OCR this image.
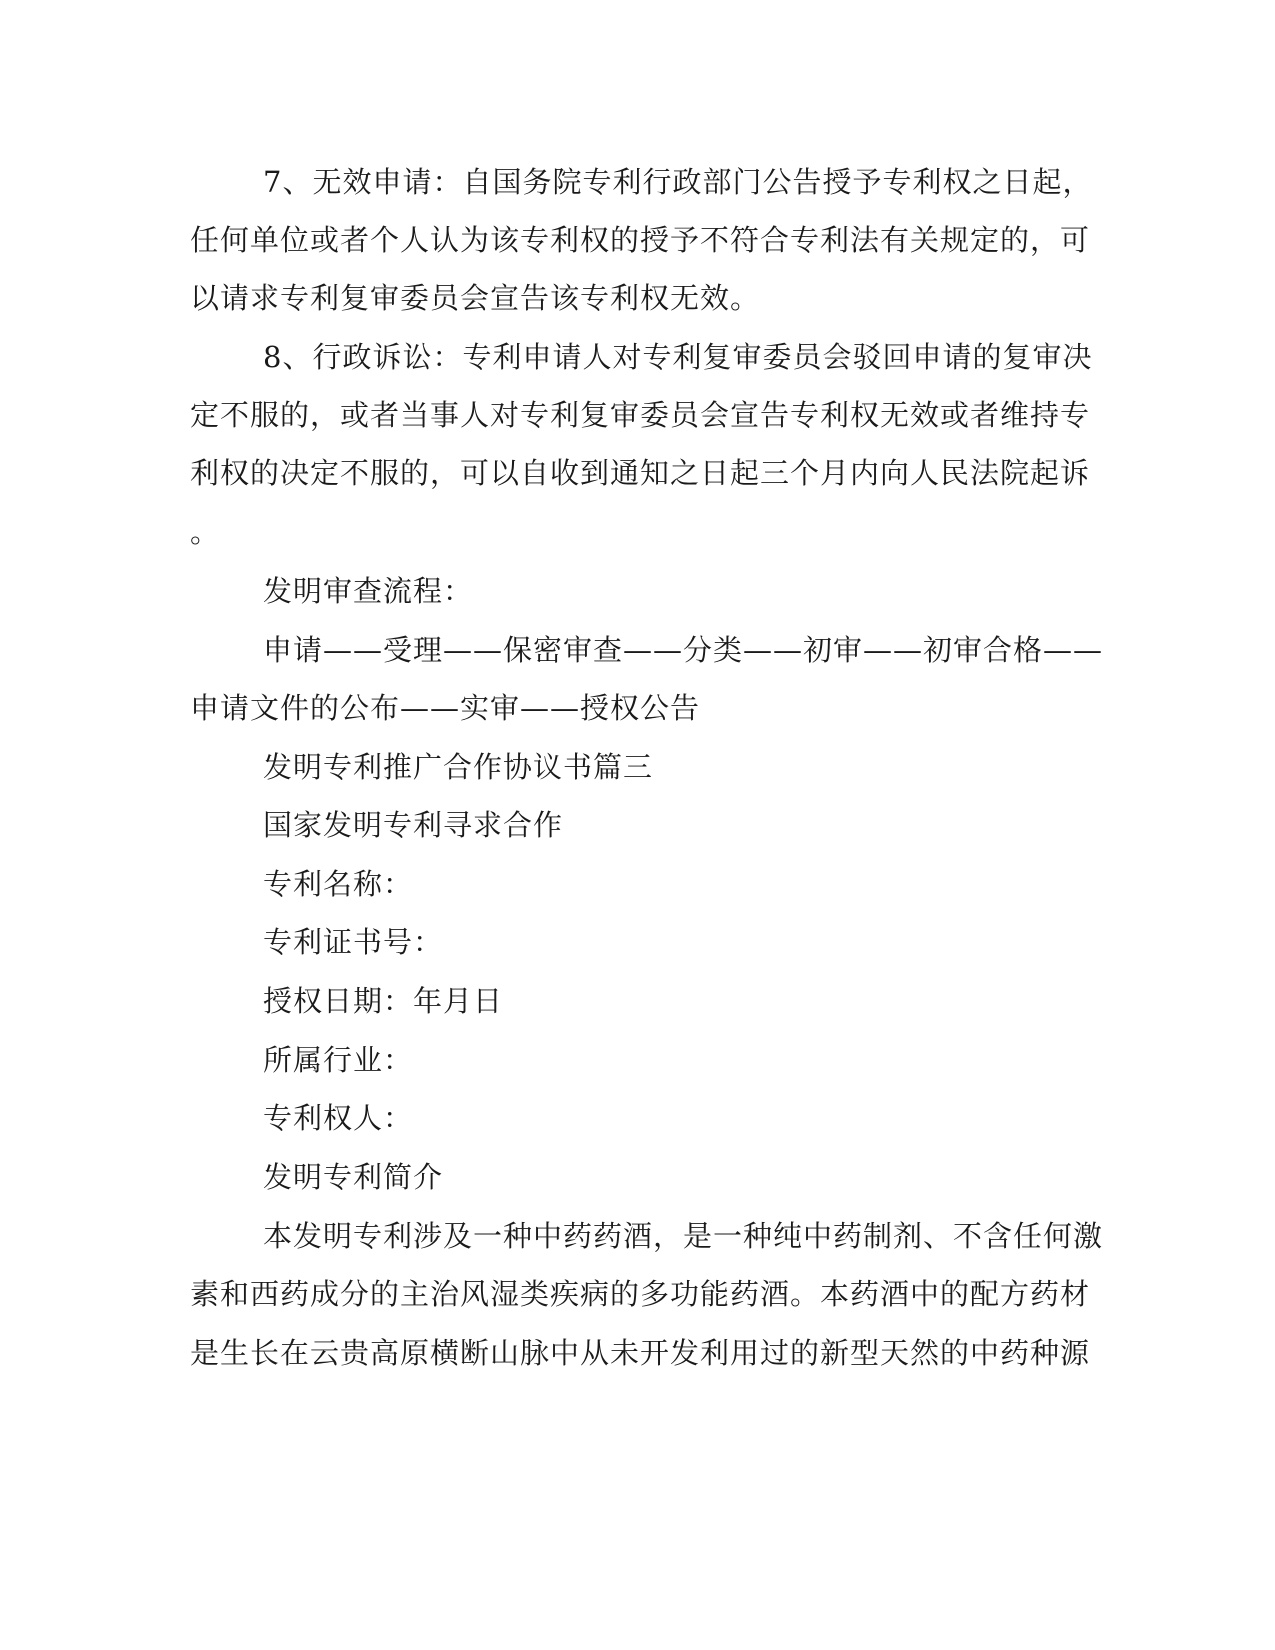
7、无效申请：自国务院专利行政部门公告授予专利权之日起，
任何单位或者个人认为该专利权的授予不符合专利法有关规定的，可
以请求专利复审委员会宣告该专利权无效。
8、行政诉讼：专利申请人对专利复审委员会驳回申请的复审决
定不服的，或者当事人对专利复审委员会宣告专利权无效或者维持专
利权的决定不服的，可以自收到通知之日起三个月内向人民法院起诉
。
发明审查流程：
申请——受理——保密审查——分类——初审——初审合格——
申请文件的公布——实审——授权公告
发明专利推广合作协议书篇三
国家发明专利寻求合作
专利名称：
专利证书号：
授权日期：年月日
所属行业：
专利权人：
发明专利简介
本发明专利涉及一种中药药酒，是一种纯中药制剂、不含任何激
素和西药成分的主治风湿类疾病的多功能药酒。本药酒中的配方药材
是生长在云贵高原横断山脉中从未开发利用过的新型天然的中药种源
